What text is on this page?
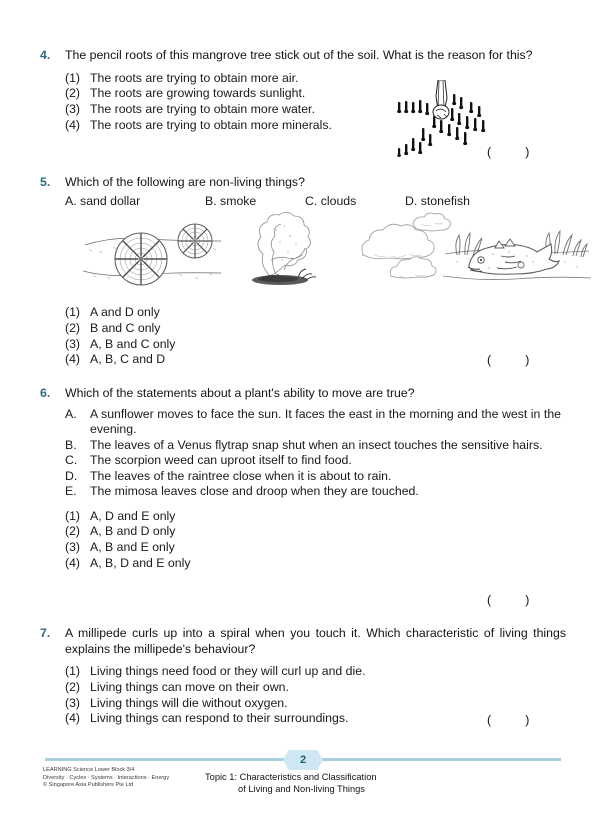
4.	The pencil roots of this mangrove tree stick out of the soil. What is the reason for this?
(1) The roots are trying to obtain more air.
(2) The roots are growing towards sunlight.
(3) The roots are trying to obtain more water.
(4) The roots are trying to obtain more minerals.
(          )
5.	Which of the following are non-living things?
A. sand dollar	B. smoke	C. clouds	D. stonefish
(1) A and D only
(2) B and C only
(3) A, B and C only
(4) A, B, C and D	(          )
6.	Which of the statements about a plant's ability to move are true?
A.	A sunflower moves to face the sun. It faces the east in the morning and the west in the evening.
B.	The leaves of a Venus flytrap snap shut when an insect touches the sensitive hairs.
C.	The scorpion weed can uproot itself to find food.
D.	The leaves of the raintree close when it is about to rain.
E.	The mimosa leaves close and droop when they are touched.
(1) A, D and E only
(2) A, B and D only
(3) A, B and E only
(4) A, B, D and E only
(          )
7.	A millipede curls up into a spiral when you touch it. Which characteristic of living things explains the millipede's behaviour?
(1) Living things need food or they will curl up and die.
(2) Living things can move on their own.
(3) Living things will die without oxygen.
(4) Living things can respond to their surroundings.	(          )
2
LEARNING Science Lower Block 3/4
Diversity · Cycles · Systems · Interactions · Energy
© Singapore Asia Publishers Pte Ltd
Topic 1: Characteristics and Classification
of Living and Non-living Things
